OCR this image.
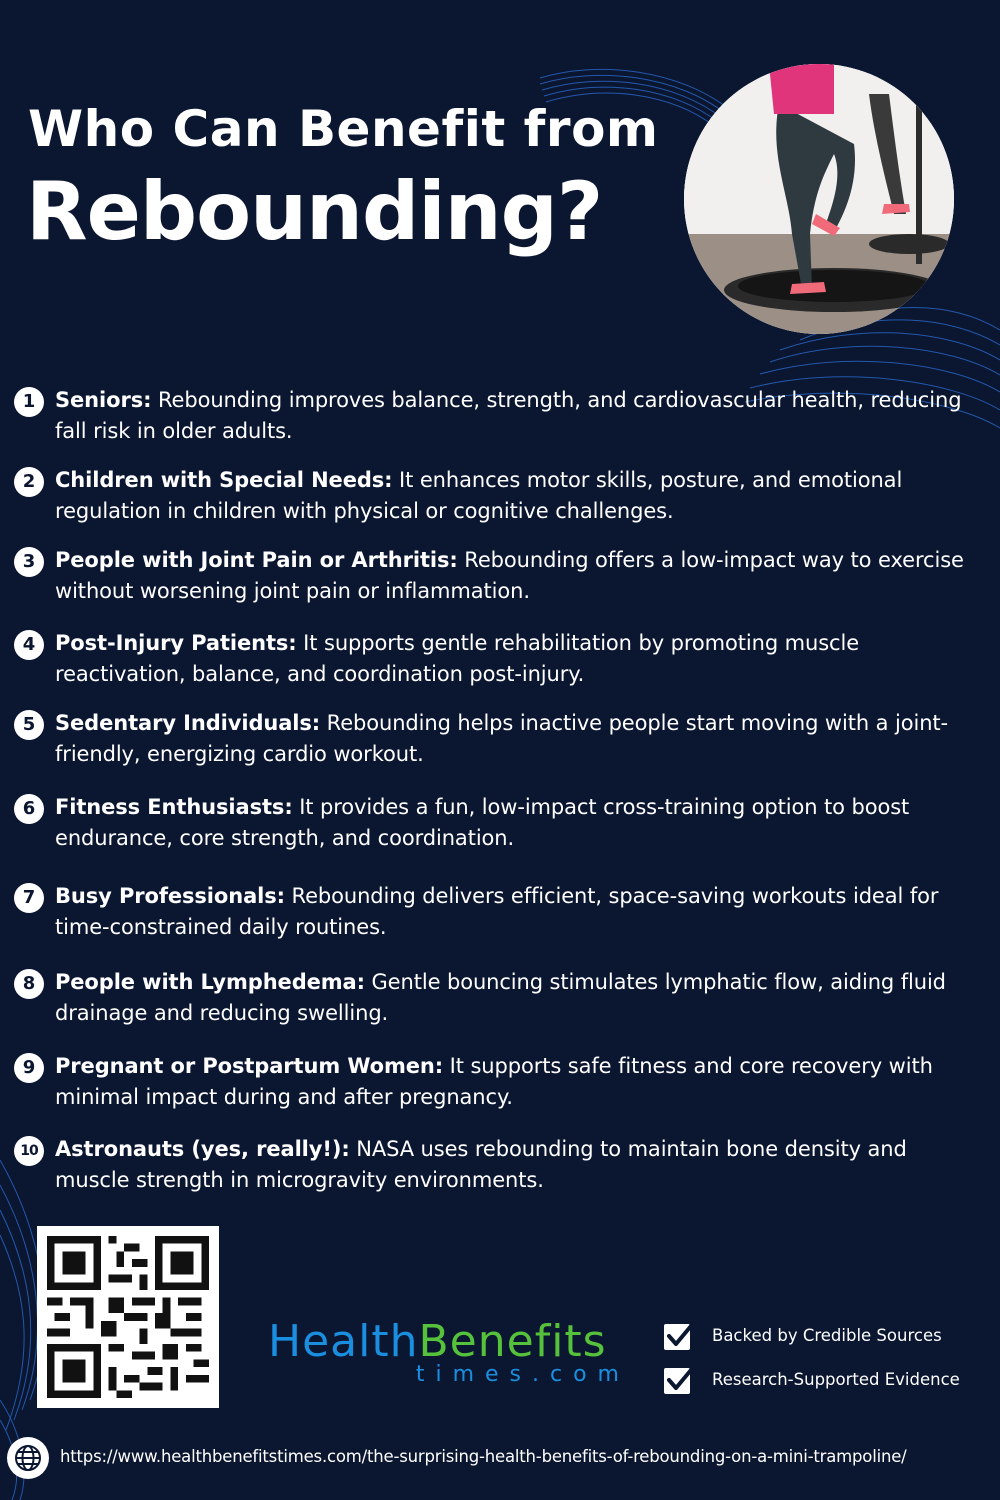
Who Can Benefit from
Rebounding?
1 Seniors: Rebounding improves balance, strength, and cardiovascular health, reducing fall risk in older adults.
2 Children with Special Needs: It enhances motor skills, posture, and emotional regulation in children with physical or cognitive challenges.
3 People with Joint Pain or Arthritis: Rebounding offers a low-impact way to exercise without worsening joint pain or inflammation.
4 Post-Injury Patients: It supports gentle rehabilitation by promoting muscle reactivation, balance, and coordination post-injury.
5 Sedentary Individuals: Rebounding helps inactive people start moving with a joint-friendly, energizing cardio workout.
6 Fitness Enthusiasts: It provides a fun, low-impact cross-training option to boost endurance, core strength, and coordination.
7 Busy Professionals: Rebounding delivers efficient, space-saving workouts ideal for time-constrained daily routines.
8 People with Lymphedema: Gentle bouncing stimulates lymphatic flow, aiding fluid drainage and reducing swelling.
9 Pregnant or Postpartum Women: It supports safe fitness and core recovery with minimal impact during and after pregnancy.
10 Astronauts (yes, really!): NASA uses rebounding to maintain bone density and muscle strength in microgravity environments.
HealthBenefits
times.com
Backed by Credible Sources
Research-Supported Evidence
https://www.healthbenefitstimes.com/the-surprising-health-benefits-of-rebounding-on-a-mini-trampoline/
